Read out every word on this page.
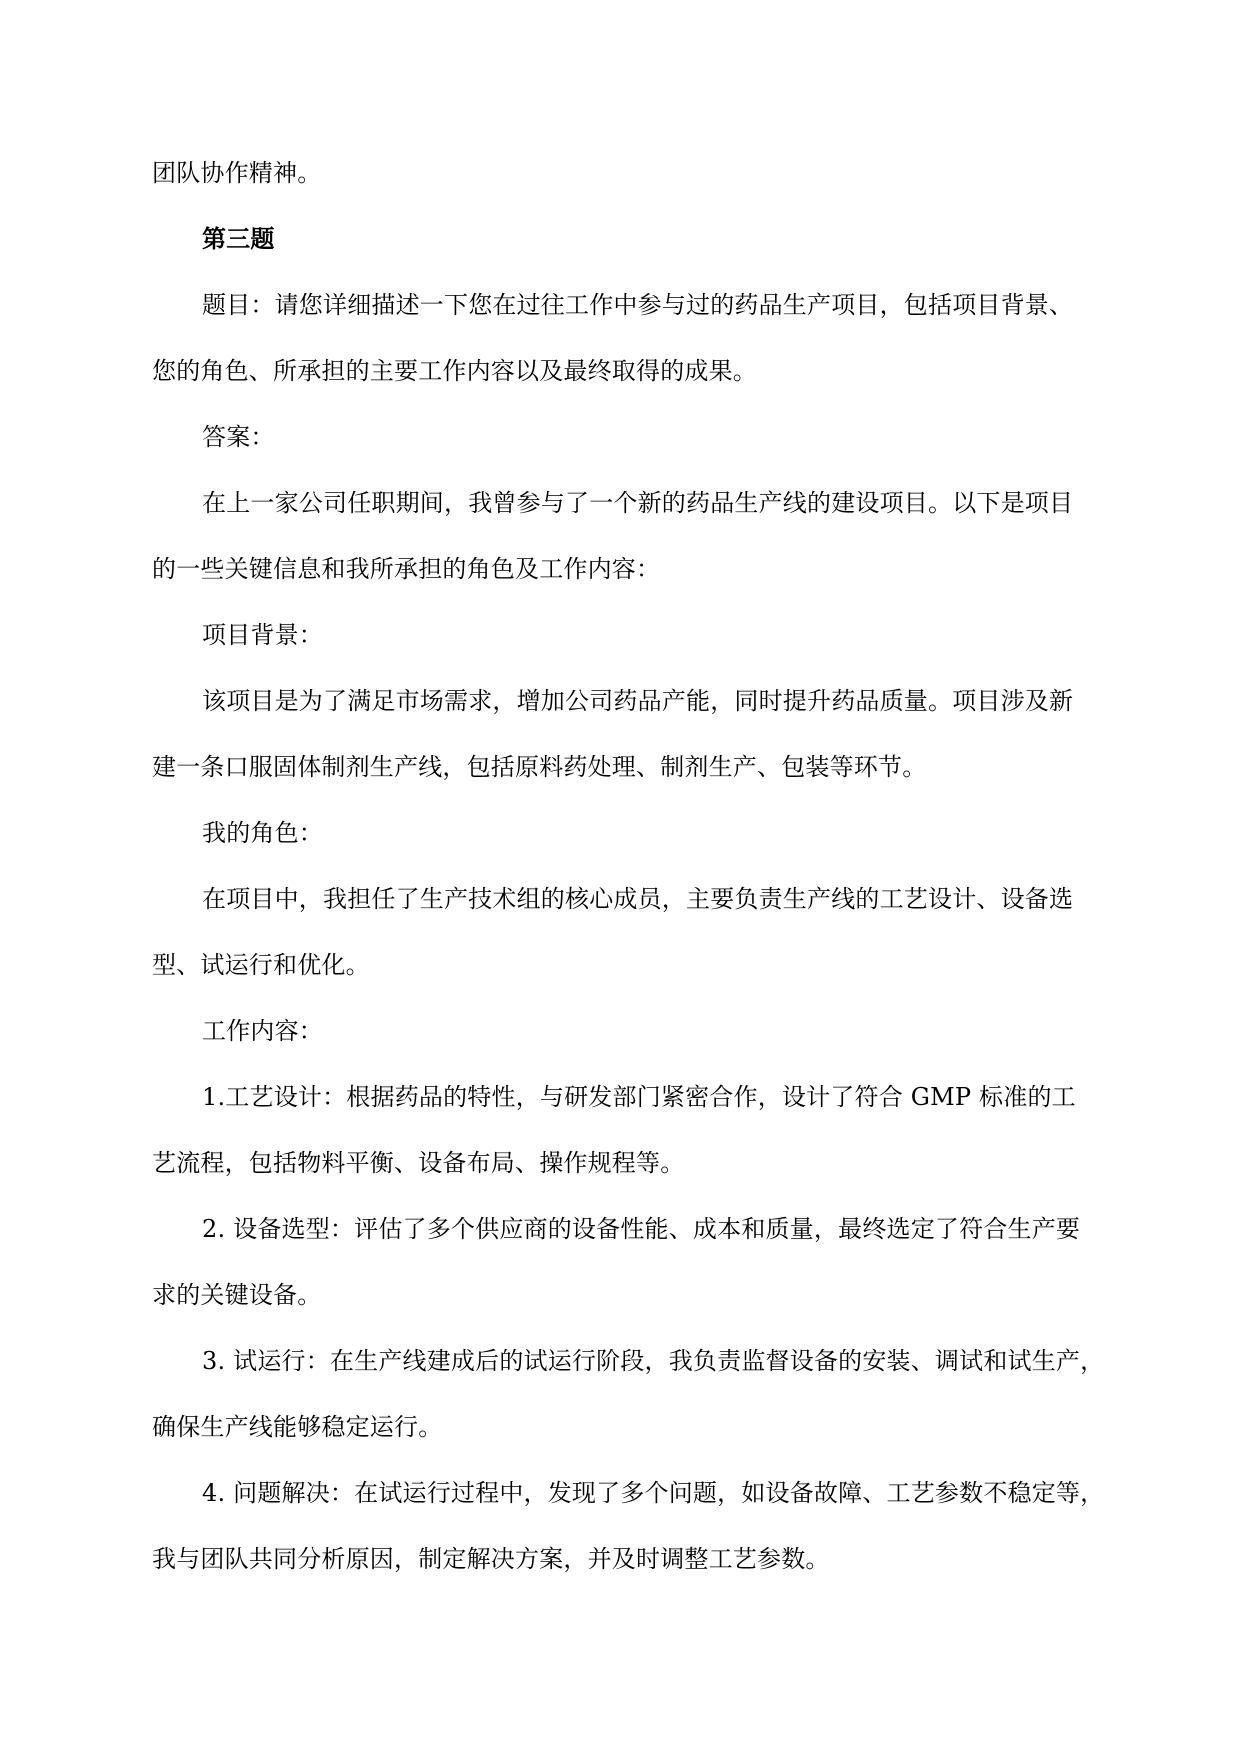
团队协作精神。
第三题
题目：请您详细描述一下您在过往工作中参与过的药品生产项目，包括项目背景、
您的角色、所承担的主要工作内容以及最终取得的成果。
答案：
在上一家公司任职期间，我曾参与了一个新的药品生产线的建设项目。以下是项目
的一些关键信息和我所承担的角色及工作内容：
项目背景：
该项目是为了满足市场需求，增加公司药品产能，同时提升药品质量。项目涉及新
建一条口服固体制剂生产线，包括原料药处理、制剂生产、包装等环节。
我的角色：
在项目中，我担任了生产技术组的核心成员，主要负责生产线的工艺设计、设备选
型、试运行和优化。
工作内容：
1.工艺设计：根据药品的特性，与研发部门紧密合作，设计了符合 GMP 标准的工
艺流程，包括物料平衡、设备布局、操作规程等。
2. 设备选型：评估了多个供应商的设备性能、成本和质量，最终选定了符合生产要
求的关键设备。
3. 试运行：在生产线建成后的试运行阶段，我负责监督设备的安装、调试和试生产，
确保生产线能够稳定运行。
4. 问题解决：在试运行过程中，发现了多个问题，如设备故障、工艺参数不稳定等，
我与团队共同分析原因，制定解决方案，并及时调整工艺参数。
